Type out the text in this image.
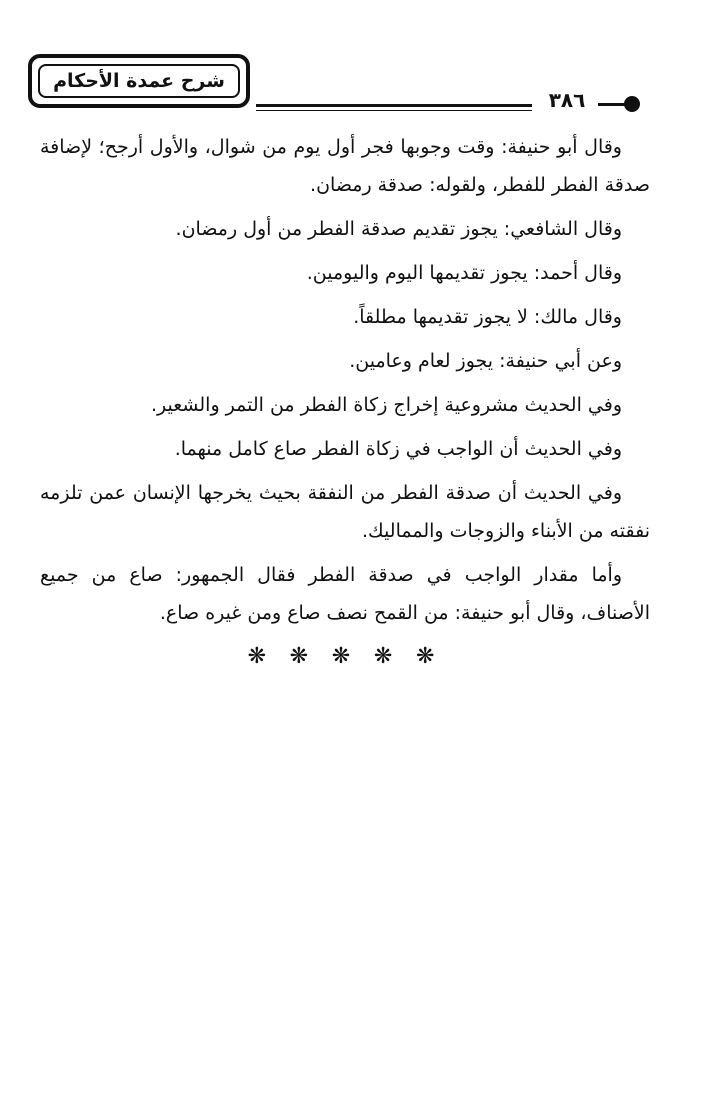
شرح عمدة الأحكام
٣٨٦

وقال أبو حنيفة: وقت وجوبها فجر أول يوم من شوال، والأول أرجح؛ لإضافة صدقة الفطر للفطر، ولقوله: صدقة رمضان.

وقال الشافعي: يجوز تقديم صدقة الفطر من أول رمضان.

وقال أحمد: يجوز تقديمها اليوم واليومين.

وقال مالك: لا يجوز تقديمها مطلقاً.

وعن أبي حنيفة: يجوز لعام وعامين.

وفي الحديث مشروعية إخراج زكاة الفطر من التمر والشعير.

وفي الحديث أن الواجب في زكاة الفطر صاع كامل منهما.

وفي الحديث أن صدقة الفطر من النفقة بحيث يخرجها الإنسان عمن تلزمه نفقته من الأبناء والزوجات والمماليك.

وأما مقدار الواجب في صدقة الفطر فقال الجمهور: صاع من جميع الأصناف، وقال أبو حنيفة: من القمح نصف صاع ومن غيره صاع.

❋ ❋ ❋ ❋ ❋
